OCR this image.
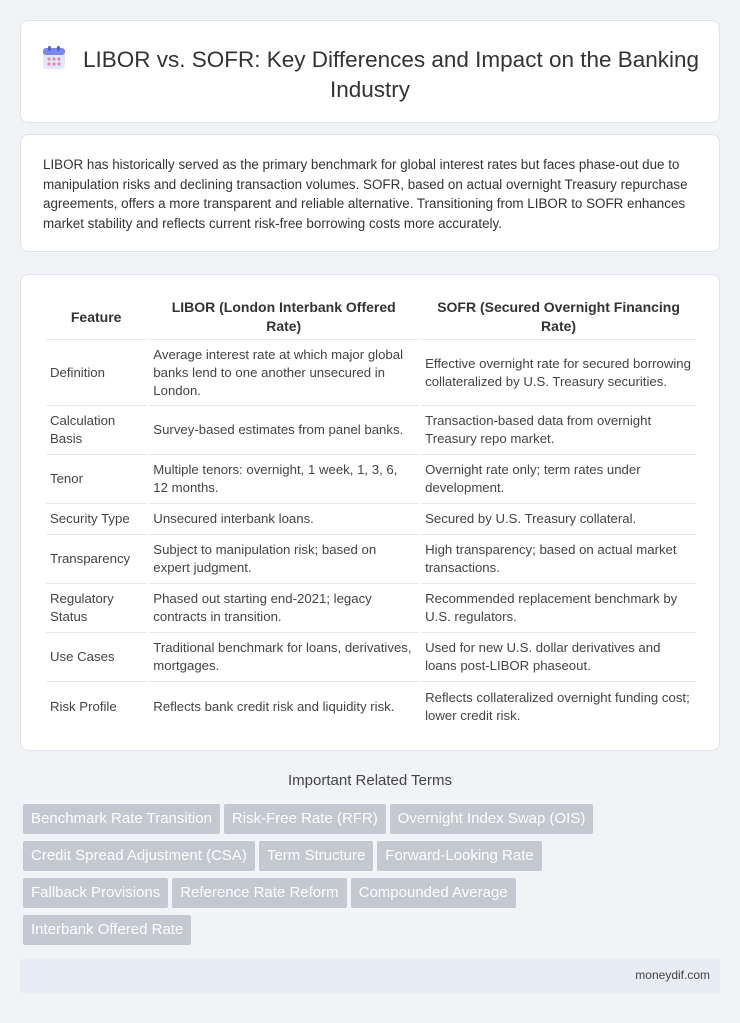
LIBOR vs. SOFR: Key Differences and Impact on the Banking Industry

LIBOR has historically served as the primary benchmark for global interest rates but faces phase-out due to manipulation risks and declining transaction volumes. SOFR, based on actual overnight Treasury repurchase agreements, offers a more transparent and reliable alternative. Transitioning from LIBOR to SOFR enhances market stability and reflects current risk-free borrowing costs more accurately.

Feature	LIBOR (London Interbank Offered Rate)	SOFR (Secured Overnight Financing Rate)
Definition	Average interest rate at which major global banks lend to one another unsecured in London.	Effective overnight rate for secured borrowing collateralized by U.S. Treasury securities.
Calculation Basis	Survey-based estimates from panel banks.	Transaction-based data from overnight Treasury repo market.
Tenor	Multiple tenors: overnight, 1 week, 1, 3, 6, 12 months.	Overnight rate only; term rates under development.
Security Type	Unsecured interbank loans.	Secured by U.S. Treasury collateral.
Transparency	Subject to manipulation risk; based on expert judgment.	High transparency; based on actual market transactions.
Regulatory Status	Phased out starting end-2021; legacy contracts in transition.	Recommended replacement benchmark by U.S. regulators.
Use Cases	Traditional benchmark for loans, derivatives, mortgages.	Used for new U.S. dollar derivatives and loans post-LIBOR phaseout.
Risk Profile	Reflects bank credit risk and liquidity risk.	Reflects collateralized overnight funding cost; lower credit risk.
Important Related Terms
Benchmark Rate Transition Risk-Free Rate (RFR) Overnight Index Swap (OIS)
Credit Spread Adjustment (CSA) Term Structure Forward-Looking Rate
Fallback Provisions Reference Rate Reform Compounded Average
Interbank Offered Rate
moneydif.com
